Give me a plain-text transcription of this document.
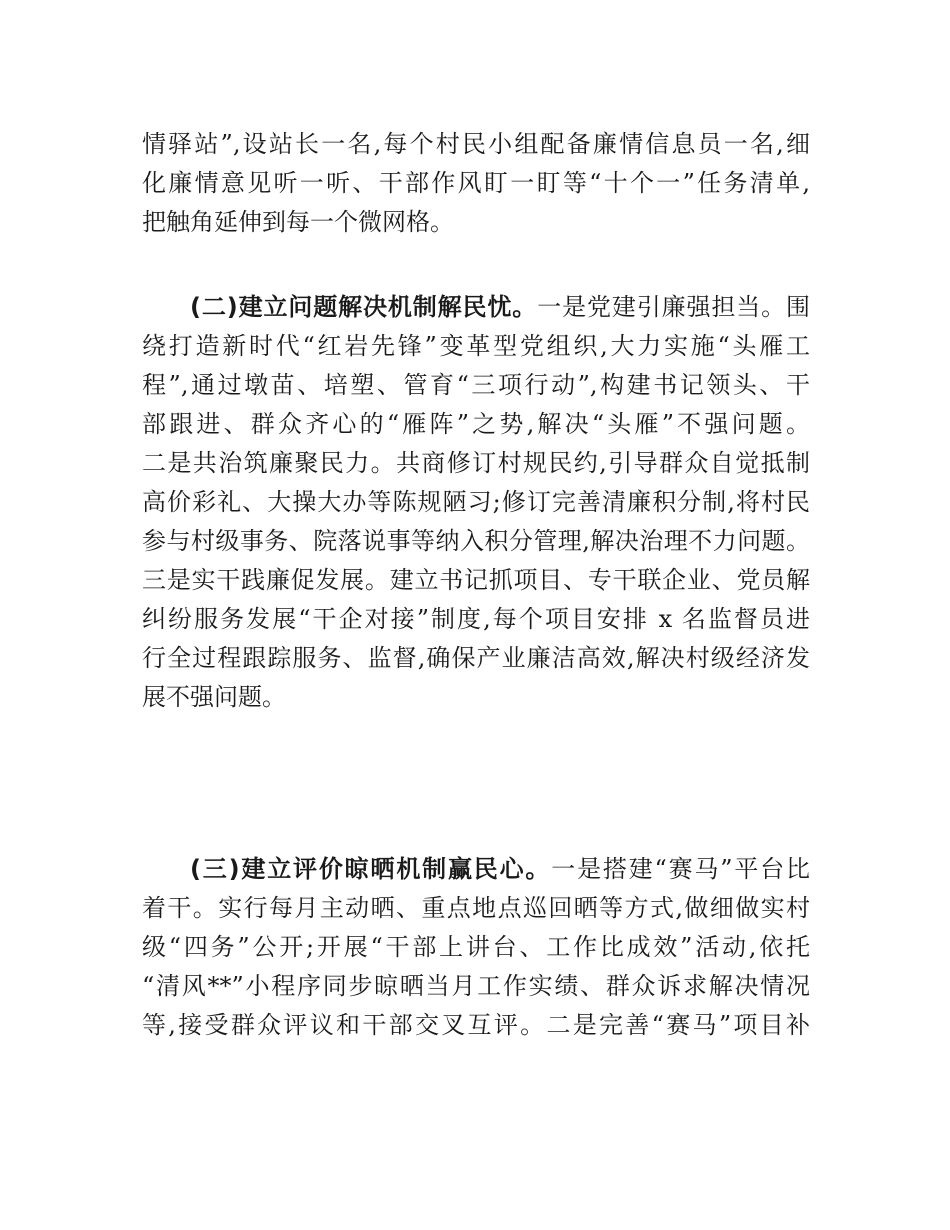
情驿站”,设站长一名,每个村民小组配备廉情信息员一名,细
化廉情意见听一听、干部作风盯一盯等“十个一”任务清单,
把触角延伸到每一个微网格。
(二)建立问题解决机制解民忧。一是党建引廉强担当。围
绕打造新时代“红岩先锋”变革型党组织,大力实施“头雁工
程”,通过墩苗、培塑、管育“三项行动”,构建书记领头、干
部跟进、群众齐心的“雁阵”之势,解决“头雁”不强问题。
二是共治筑廉聚民力。共商修订村规民约,引导群众自觉抵制
高价彩礼、大操大办等陈规陋习;修订完善清廉积分制,将村民
参与村级事务、院落说事等纳入积分管理,解决治理不力问题。
三是实干践廉促发展。建立书记抓项目、专干联企业、党员解
纠纷服务发展“干企对接”制度,每个项目安排 x 名监督员进
行全过程跟踪服务、监督,确保产业廉洁高效,解决村级经济发
展不强问题。
(三)建立评价晾晒机制赢民心。一是搭建“赛马”平台比
着干。实行每月主动晒、重点地点巡回晒等方式,做细做实村
级“四务”公开;开展“干部上讲台、工作比成效”活动,依托
“清风**”小程序同步晾晒当月工作实绩、群众诉求解决情况
等,接受群众评议和干部交叉互评。二是完善“赛马”项目补
